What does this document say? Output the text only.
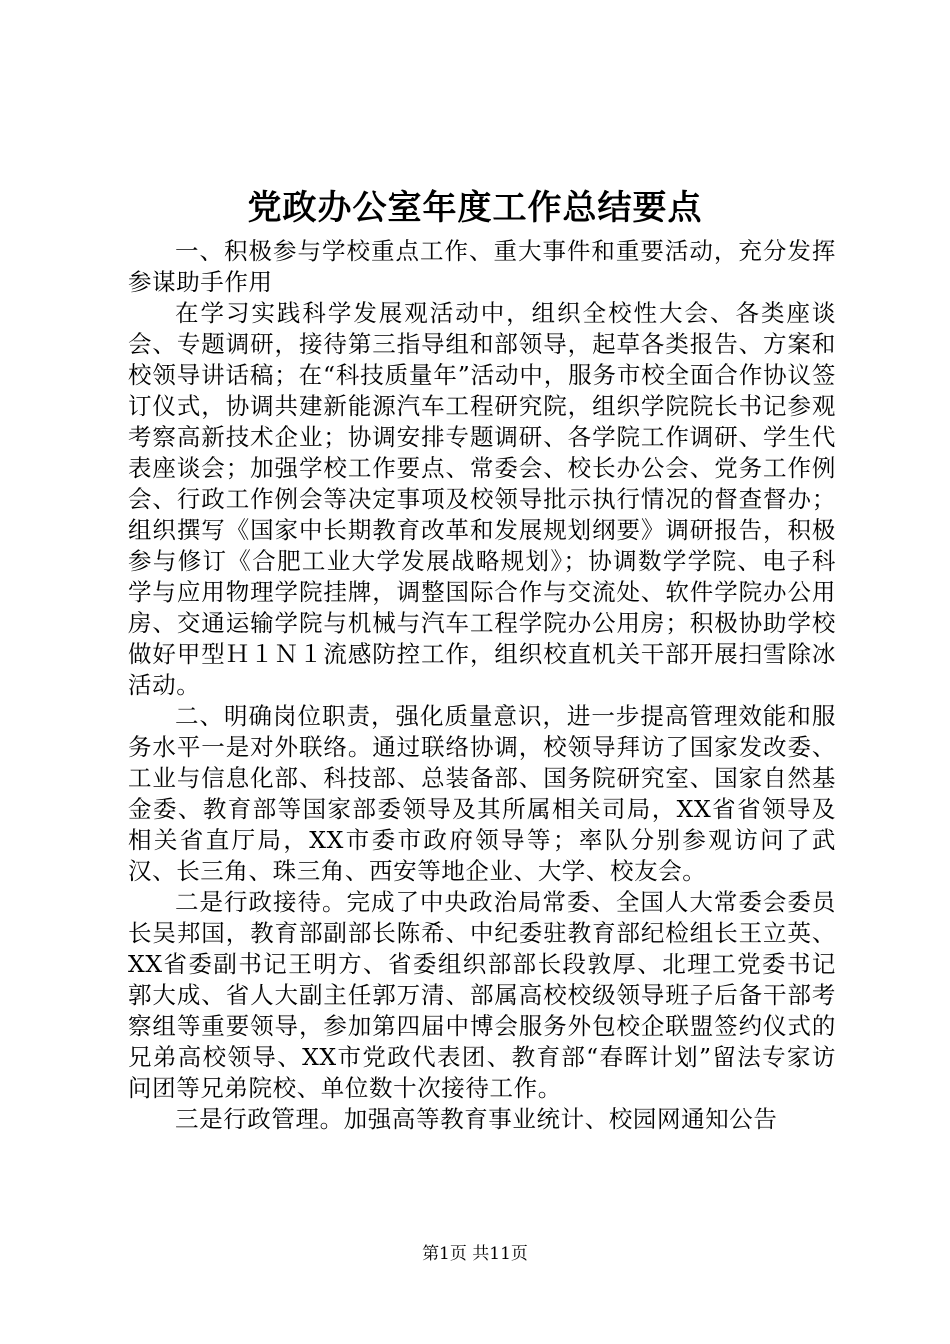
党政办公室年度工作总结要点

一、积极参与学校重点工作、重大事件和重要活动，充分发挥参谋助手作用

在学习实践科学发展观活动中，组织全校性大会、各类座谈会、专题调研，接待第三指导组和部领导，起草各类报告、方案和校领导讲话稿；在“科技质量年”活动中，服务市校全面合作协议签订仪式，协调共建新能源汽车工程研究院，组织学院院长书记参观考察高新技术企业；协调安排专题调研、各学院工作调研、学生代表座谈会；加强学校工作要点、常委会、校长办公会、党务工作例会、行政工作例会等决定事项及校领导批示执行情况的督查督办；组织撰写《国家中长期教育改革和发展规划纲要》调研报告，积极参与修订《合肥工业大学发展战略规划》；协调数学学院、电子科学与应用物理学院挂牌，调整国际合作与交流处、软件学院办公用房、交通运输学院与机械与汽车工程学院办公用房；积极协助学校做好甲型Ｈ１Ｎ１流感防控工作，组织校直机关干部开展扫雪除冰活动。

二、明确岗位职责，强化质量意识，进一步提高管理效能和服务水平一是对外联络。通过联络协调，校领导拜访了国家发改委、工业与信息化部、科技部、总装备部、国务院研究室、国家自然基金委、教育部等国家部委领导及其所属相关司局，XX省省领导及相关省直厅局，XX市委市政府领导等；率队分别参观访问了武汉、长三角、珠三角、西安等地企业、大学、校友会。

二是行政接待。完成了中央政治局常委、全国人大常委会委员长吴邦国，教育部副部长陈希、中纪委驻教育部纪检组长王立英、XX省委副书记王明方、省委组织部部长段敦厚、北理工党委书记郭大成、省人大副主任郭万清、部属高校校级领导班子后备干部考察组等重要领导，参加第四届中博会服务外包校企联盟签约仪式的兄弟高校领导、XX市党政代表团、教育部“春晖计划”留法专家访问团等兄弟院校、单位数十次接待工作。

三是行政管理。加强高等教育事业统计、校园网通知公告

第1页 共11页
